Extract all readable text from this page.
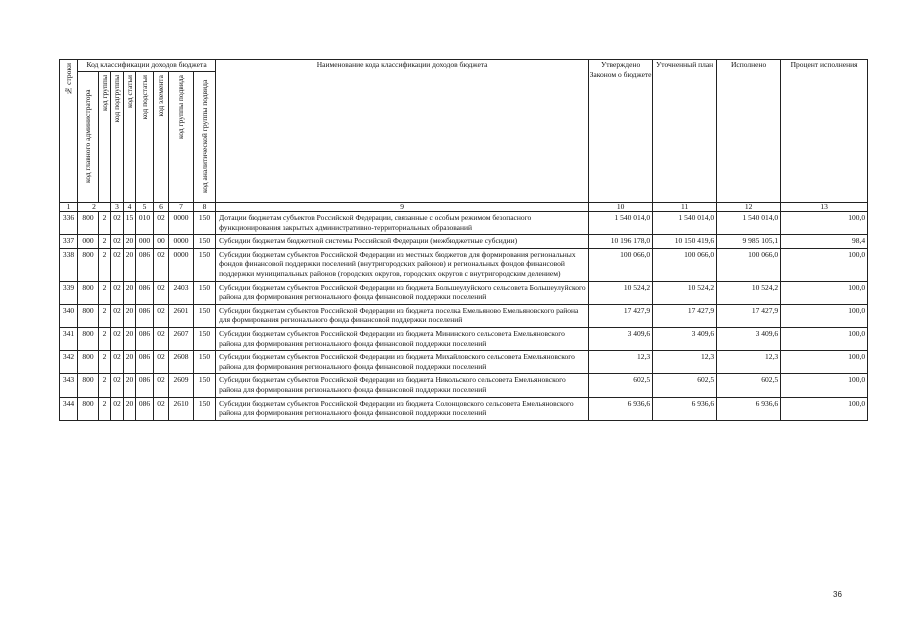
№ строки	Код классификации доходов бюджета								Наименование кода классификации доходов бюджета	Утверждено Законом о бюджете	Уточненный план	Исполнено	Процент исполнения

	код главного администратора	код группы	код подгруппы	код статьи	код подстатьи	код элемента	код группы подвида	код аналитической группы подвида					

1	2		3	4	5	6	7	8	9	10	11	12	13
336	800	2	02	15	010	02	0000	150	Дотации бюджетам субъектов Российской Федерации, связанные с особым режимом безопасного функционирования закрытых административно-территориальных образований	1 540 014,0	1 540 014,0	1 540 014,0	100,0
337	000	2	02	20	000	00	0000	150	Субсидии бюджетам бюджетной системы Российской Федерации (межбюджетные субсидии)	10 196 178,0	10 150 419,6	9 985 105,1	98,4
338	800	2	02	20	086	02	0000	150	Субсидии бюджетам субъектов Российской Федерации из местных бюджетов для формирования региональных фондов финансовой поддержки поселений (внутригородских районов) и региональных фондов финансовой поддержки муниципальных районов (городских округов, городских округов с внутригородским делением)	100 066,0	100 066,0	100 066,0	100,0
339	800	2	02	20	086	02	2403	150	Субсидии бюджетам субъектов Российской Федерации из бюджета Большеулуйского сельсовета Большеулуйского района для формирования регионального фонда финансовой поддержки поселений	10 524,2	10 524,2	10 524,2	100,0
340	800	2	02	20	086	02	2601	150	Субсидии бюджетам субъектов Российской Федерации из бюджета поселка Емельяново Емельяновского района для формирования регионального фонда финансовой поддержки поселений	17 427,9	17 427,9	17 427,9	100,0
341	800	2	02	20	086	02	2607	150	Субсидии бюджетам субъектов Российской Федерации из бюджета Мининского сельсовета Емельяновского района для формирования регионального фонда финансовой поддержки поселений	3 409,6	3 409,6	3 409,6	100,0
342	800	2	02	20	086	02	2608	150	Субсидии бюджетам субъектов Российской Федерации из бюджета Михайловского сельсовета Емельяновского района для формирования регионального фонда финансовой поддержки поселений	12,3	12,3	12,3	100,0
343	800	2	02	20	086	02	2609	150	Субсидии бюджетам субъектов Российской Федерации из бюджета Никольского сельсовета Емельяновского района для формирования регионального фонда финансовой поддержки поселений	602,5	602,5	602,5	100,0
344	800	2	02	20	086	02	2610	150	Субсидии бюджетам субъектов Российской Федерации из бюджета Солонцовского сельсовета Емельяновского района для формирования регионального фонда финансовой поддержки поселений	6 936,6	6 936,6	6 936,6	100,0
36
